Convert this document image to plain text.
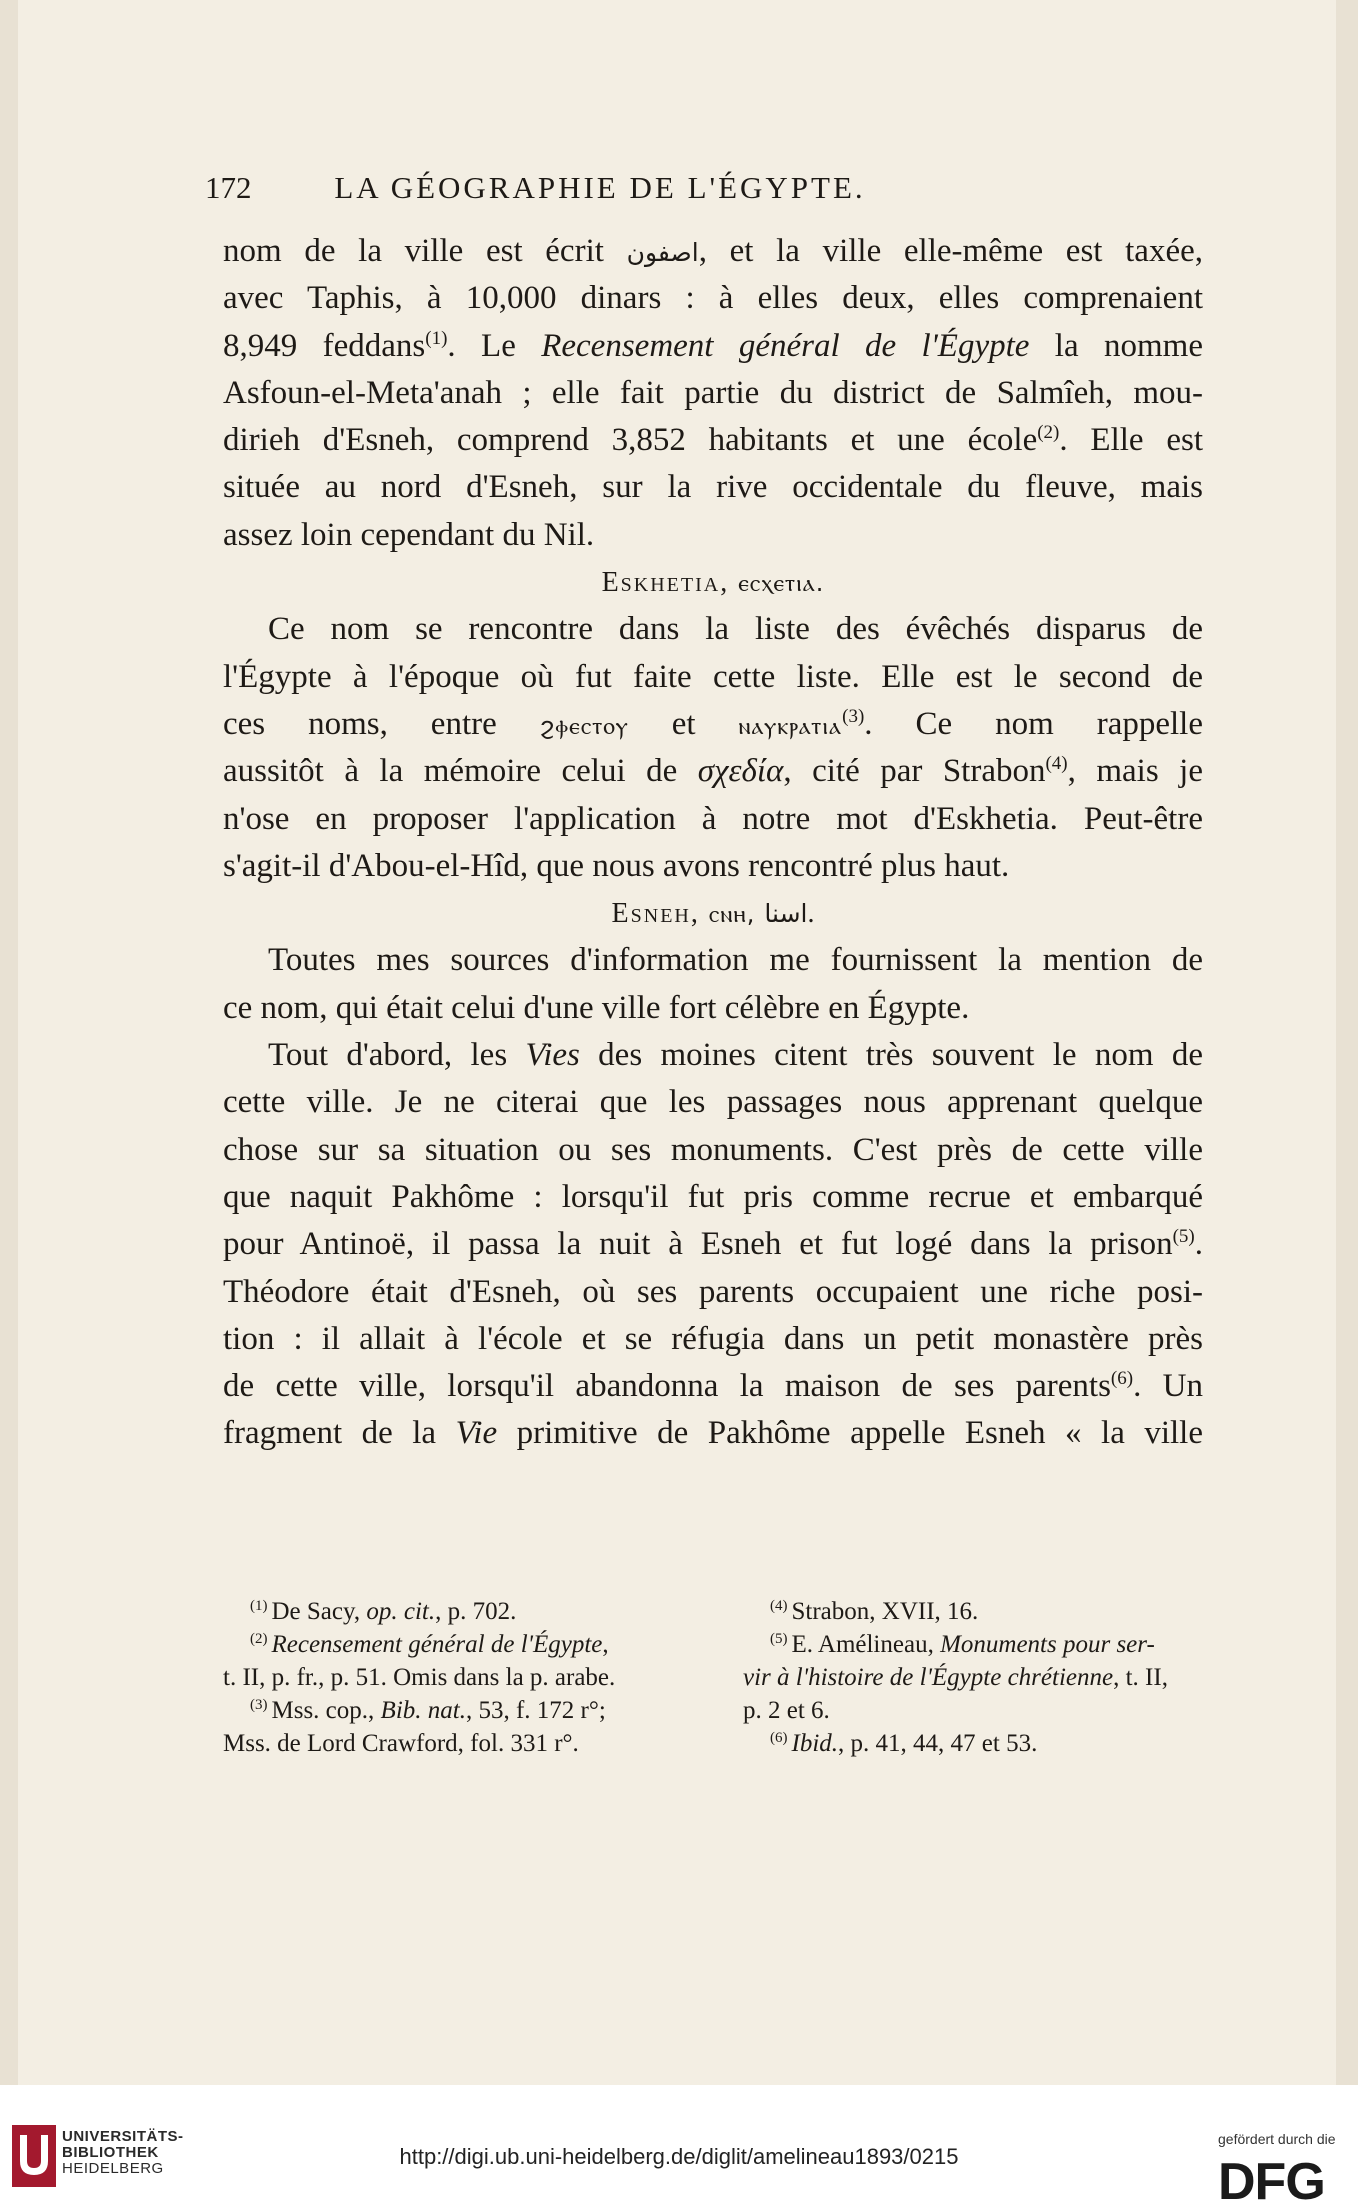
172	LA GÉOGRAPHIE DE L'ÉGYPTE.
nom de la ville est écrit اصفون, et la ville elle-même est taxée,
avec Taphis, à 10,000 dinars : à elles deux, elles comprenaient
8,949 feddans$^{(1)}$. Le Recensement général de l'Égypte la nomme
Asfoun-el-Meta'anah ; elle fait partie du district de Salmîeh, mou-
dirieh d'Esneh, comprend 3,852 habitants et une école$^{(2)}$. Elle est
située au nord d'Esneh, sur la rive occidentale du fleuve, mais
assez loin cependant du Nil.
Eskhetia, ⲉⲥⲭⲉⲧⲓⲁ.
Ce nom se rencontre dans la liste des évêchés disparus de
l'Égypte à l'époque où fut faite cette liste. Elle est le second de
ces noms, entre ϩⲫⲉⲥⲧⲟⲩ et ⲛⲁⲩⲕⲣⲁⲧⲓⲁ$^{(3)}$. Ce nom rappelle
aussitôt à la mémoire celui de σχεδία, cité par Strabon$^{(4)}$, mais je
n'ose en proposer l'application à notre mot d'Eskhetia. Peut-être
s'agit-il d'Abou-el-Hîd, que nous avons rencontré plus haut.
Esneh, ⲥⲛⲏ, اسنا.
Toutes mes sources d'information me fournissent la mention de
ce nom, qui était celui d'une ville fort célèbre en Égypte.
Tout d'abord, les Vies des moines citent très souvent le nom de
cette ville. Je ne citerai que les passages nous apprenant quelque
chose sur sa situation ou ses monuments. C'est près de cette ville
que naquit Pakhôme : lorsqu'il fut pris comme recrue et embarqué
pour Antinoë, il passa la nuit à Esneh et fut logé dans la prison$^{(5)}$.
Théodore était d'Esneh, où ses parents occupaient une riche posi-
tion : il allait à l'école et se réfugia dans un petit monastère près
de cette ville, lorsqu'il abandonna la maison de ses parents$^{(6)}$. Un
fragment de la Vie primitive de Pakhôme appelle Esneh « la ville
$^{(1)}$ De Sacy, op. cit., p. 702.
$^{(2)}$ Recensement général de l'Égypte,
t. II, p. fr., p. 51. Omis dans la p. arabe.
$^{(3)}$ Mss. cop., Bib. nat., 53, f. 172 r°;
Mss. de Lord Crawford, fol. 331 r°.
$^{(4)}$ Strabon, XVII, 16.
$^{(5)}$ E. Amélineau, Monuments pour ser-
vir à l'histoire de l'Égypte chrétienne, t. II,
p. 2 et 6.
$^{(6)}$ Ibid., p. 41, 44, 47 et 53.
UNIVERSITÄTS-
BIBLIOTHEK
HEIDELBERG	http://digi.ub.uni-heidelberg.de/diglit/amelineau1893/0215
gefördert durch die
DFG
